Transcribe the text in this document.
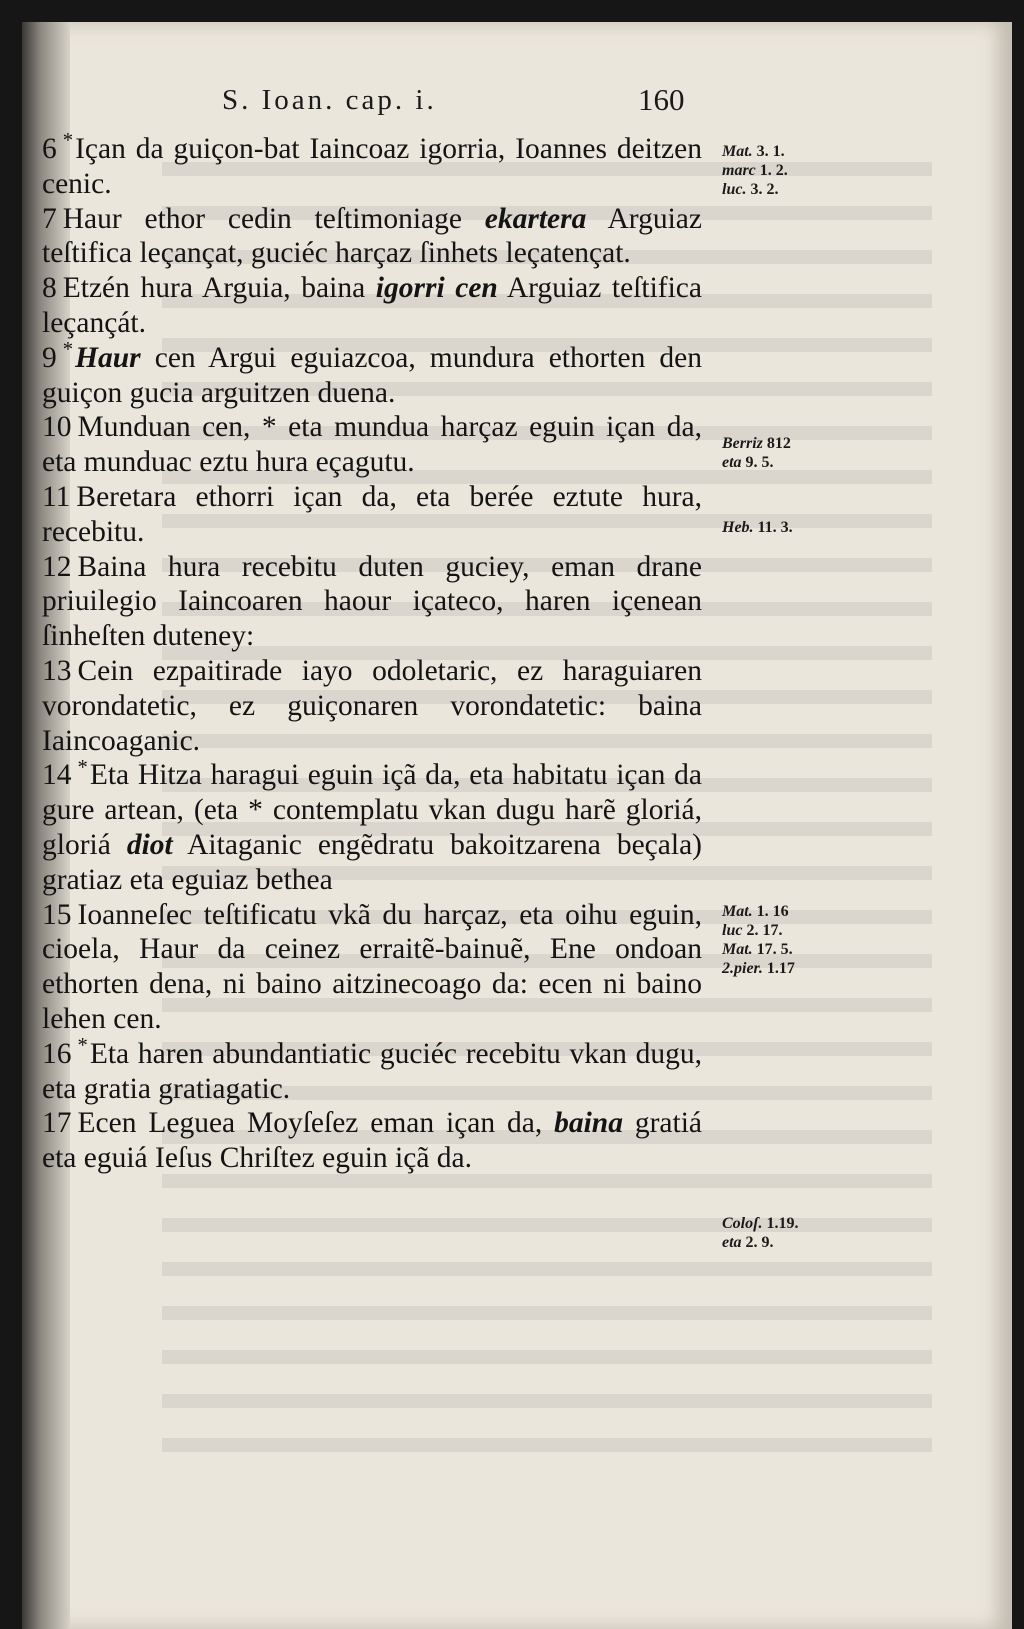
S. Ioan. cap. i.	160

6 *Içan da guiçon-bat Iaincoaz igorria, Ioannes deitzen cenic.

7 Haur ethor cedin teſtimoniage ekartera Arguiaz teſtifica leçançat, guciéc harçaz ſinhets leçatençat.

8 Etzén hura Arguia, baina igorri cen Arguiaz teſtifica leçançát.

9 *Haur cen Argui eguiazcoa, mundura ethorten den guiçon gucia arguitzen duena.

10 Munduan cen, * eta mundua harçaz eguin içan da, eta munduac eztu hura eçagutu.

11 Beretara ethorri içan da, eta berée eztute hura, recebitu.

12 Baina hura recebitu duten guciey, eman drane priuilegio Iaincoaren haour içateco, haren içenean ſinheſten duteney:

13 Cein ezpaitirade iayo odoletaric, ez haraguiaren vorondatetic, ez guiçonaren vorondatetic: baina Iaincoaganic.

14 *Eta Hitza haragui eguin içã da, eta habitatu içan da gure artean, (eta * contemplatu vkan dugu harẽ gloriá, gloriá diot Aitaganic engẽdratu bakoitzarena beçala) gratiaz eta eguiaz bethea

15 Ioanneſec teſtificatu vkã du harçaz, eta oihu eguin, cioela, Haur da ceinez erraitẽ-bainuẽ, Ene ondoan ethorten dena, ni baino aitzinecoago da: ecen ni baino lehen cen.

16 *Eta haren abundantiatic guciéc recebitu vkan dugu, eta gratia gratiagatic.

17 Ecen Leguea Moyſeſez eman içan da, baina gratiá eta eguiá Ieſus Chriſtez eguin içã da.

Mat. 3. 1.
marc 1. 2.
luc. 3. 2.
Berriz 812
eta 9. 5.
Heb. 11. 3.
Mat. 1. 16
luc 2. 17.
Mat. 17. 5.
2.pier. 1.17
Coloſ. 1.19.
eta 2. 9.
